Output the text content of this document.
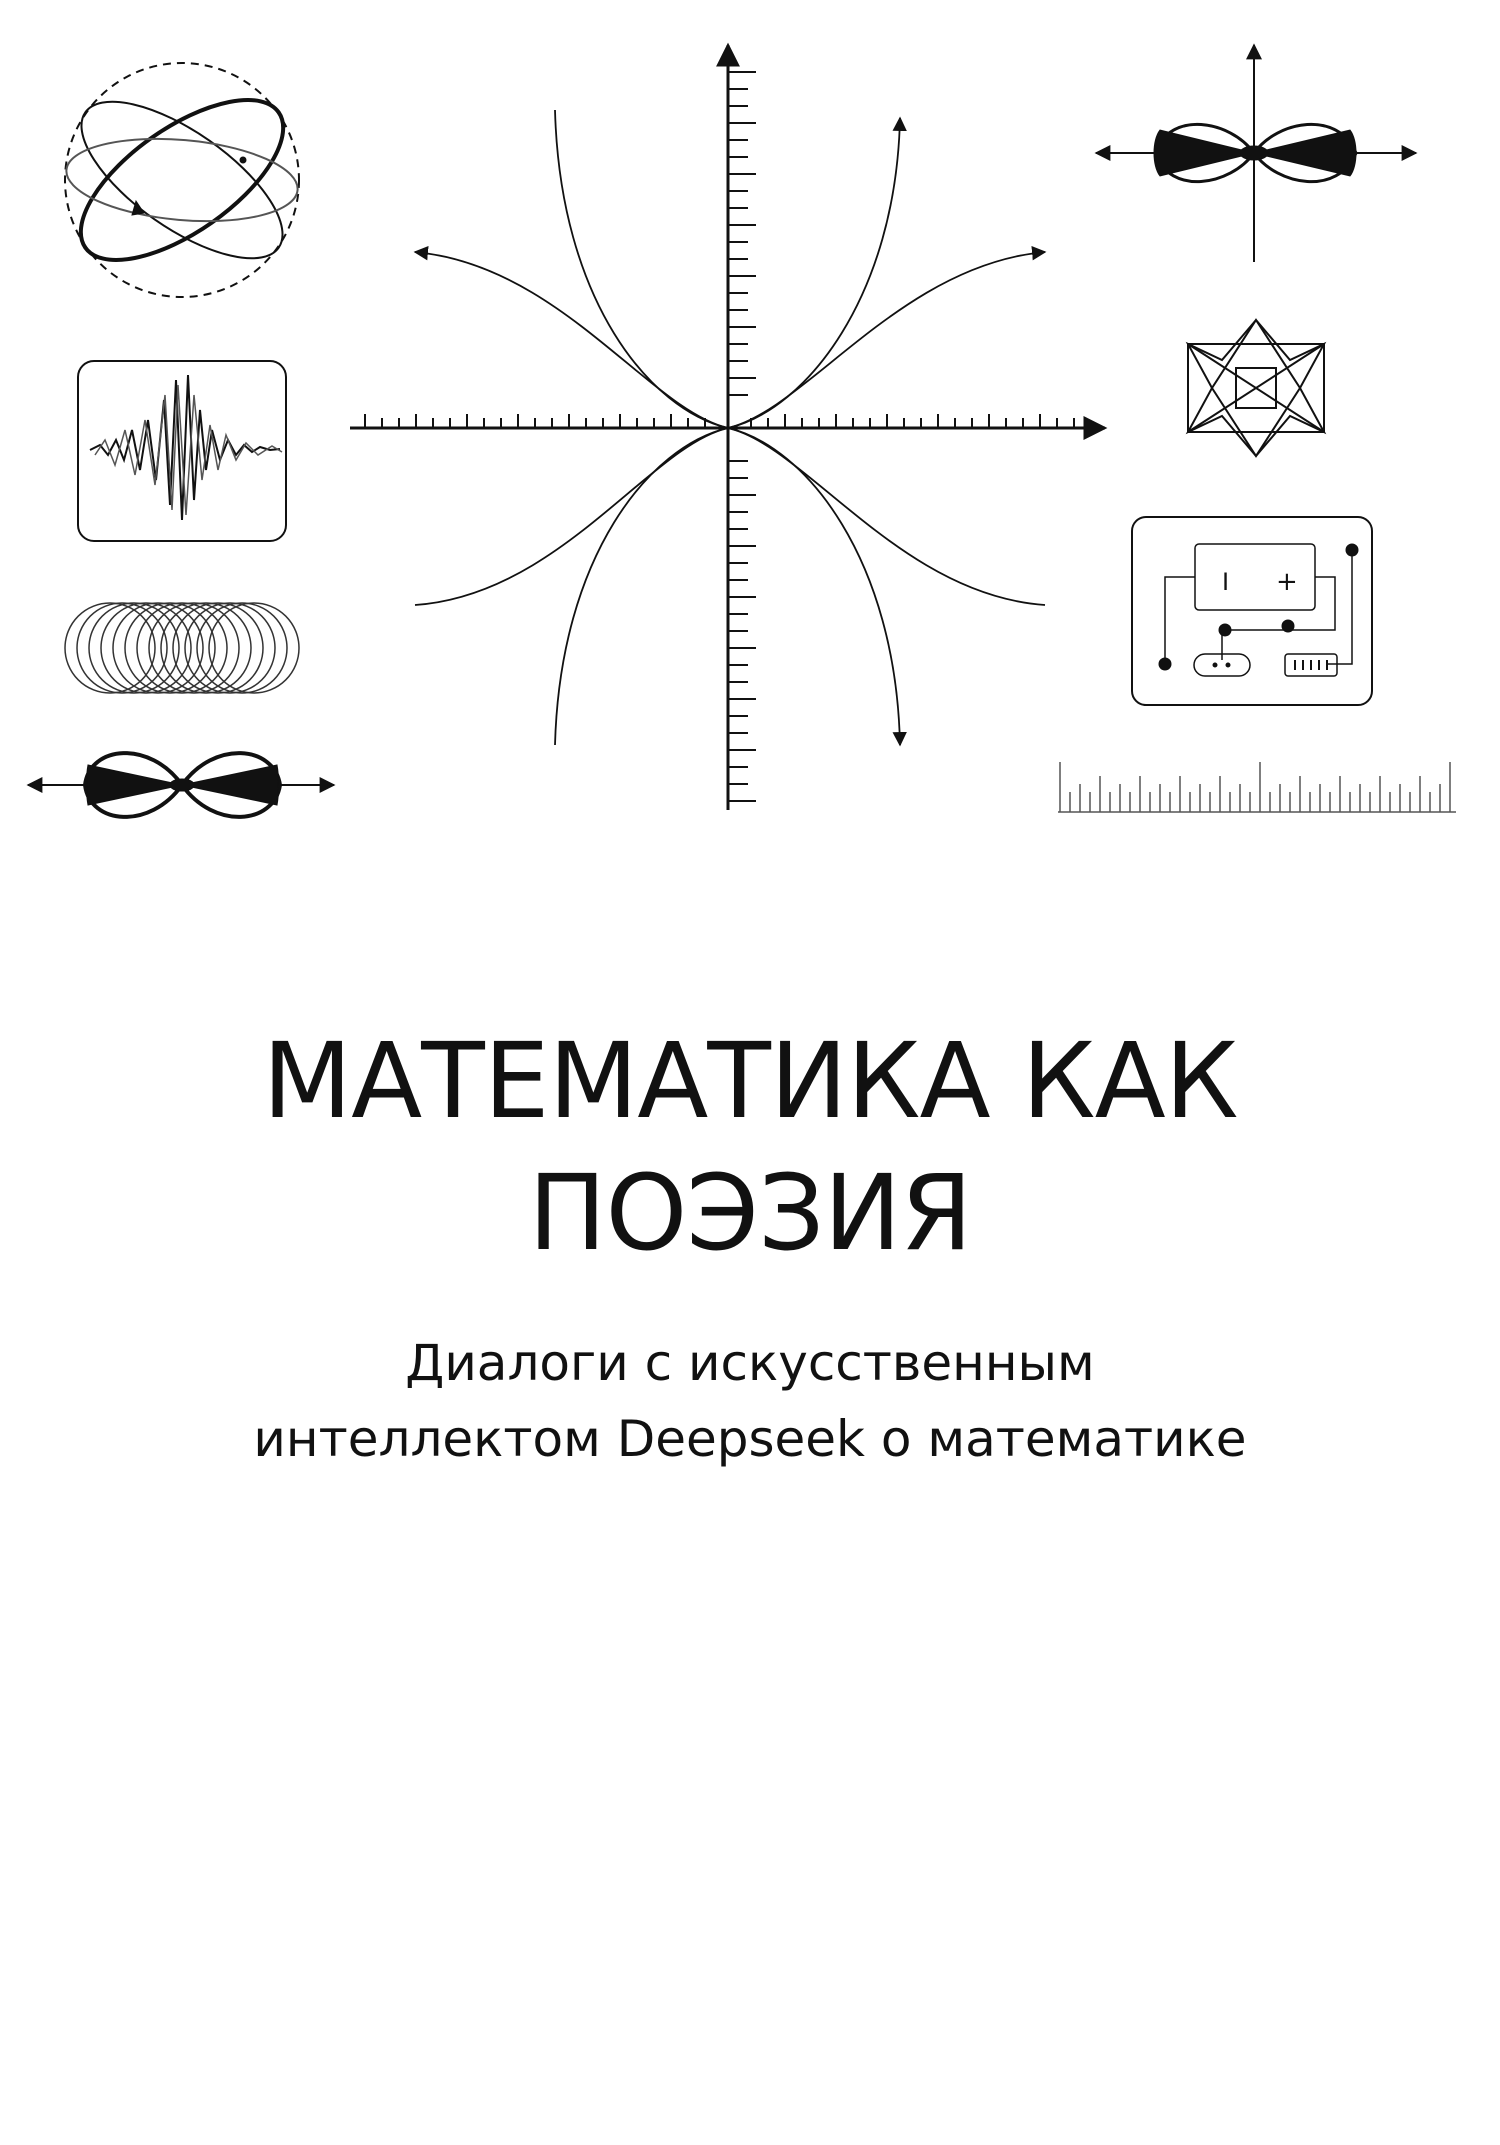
I +
МАТЕМАТИКА КАК
ПОЭЗИЯ
Диалоги с искусственным
интеллектом Deepseek о математике
